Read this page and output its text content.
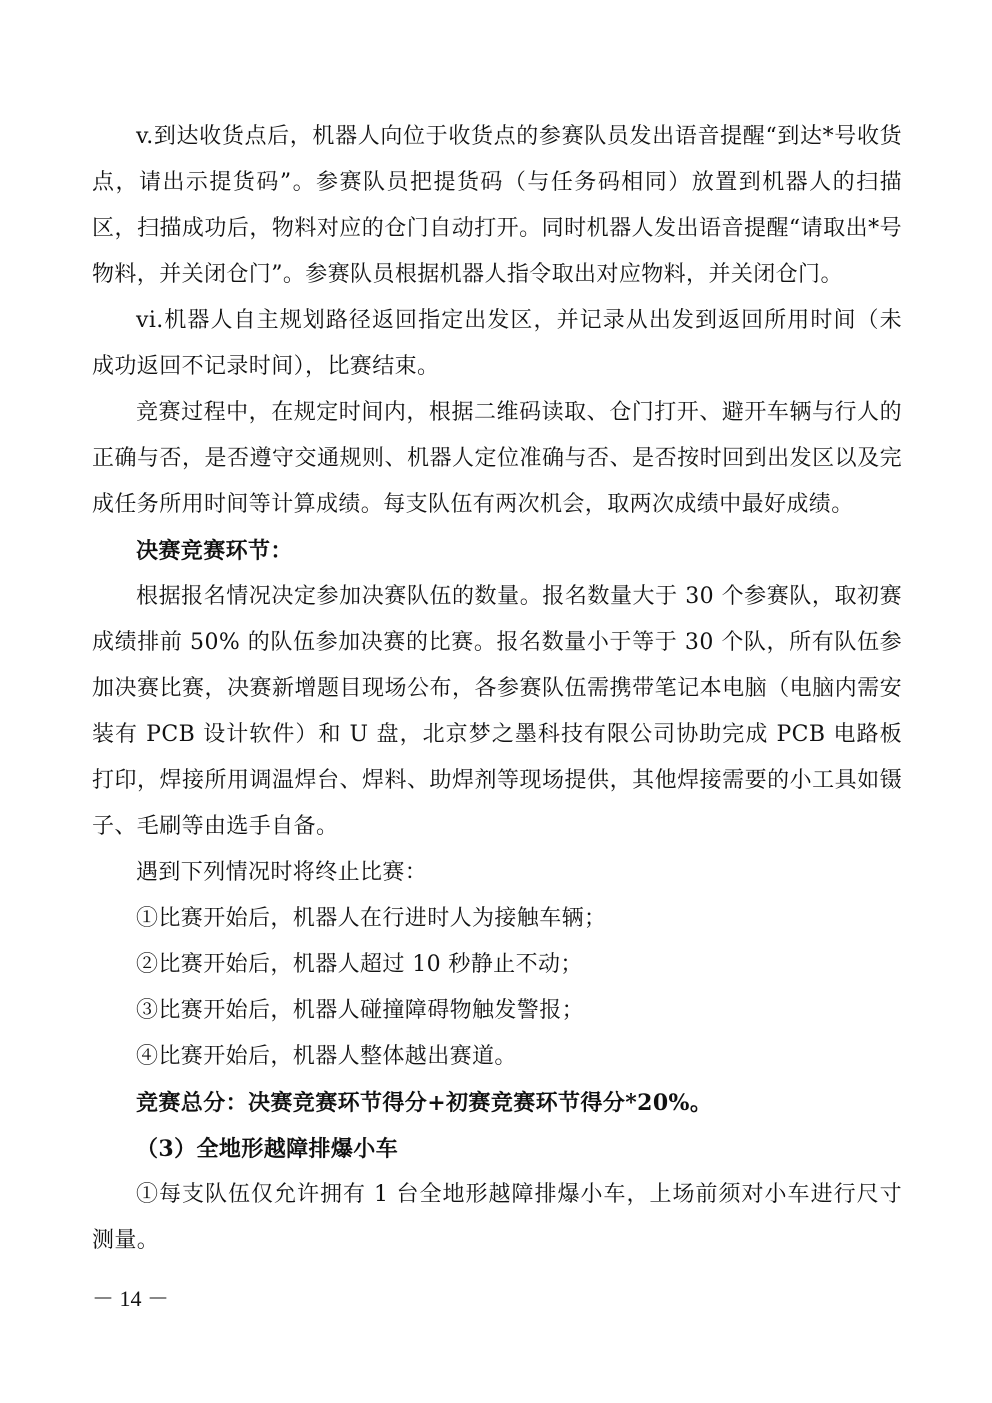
v.到达收货点后，机器人向位于收货点的参赛队员发出语音提醒“到达*号收货点，请出示提货码”。参赛队员把提货码（与任务码相同）放置到机器人的扫描区，扫描成功后，物料对应的仓门自动打开。同时机器人发出语音提醒“请取出*号物料，并关闭仓门”。参赛队员根据机器人指令取出对应物料，并关闭仓门。

vi.机器人自主规划路径返回指定出发区，并记录从出发到返回所用时间（未成功返回不记录时间），比赛结束。

竞赛过程中，在规定时间内，根据二维码读取、仓门打开、避开车辆与行人的正确与否，是否遵守交通规则、机器人定位准确与否、是否按时回到出发区以及完成任务所用时间等计算成绩。每支队伍有两次机会，取两次成绩中最好成绩。

决赛竞赛环节：

根据报名情况决定参加决赛队伍的数量。报名数量大于 30 个参赛队，取初赛成绩排前 50% 的队伍参加决赛的比赛。报名数量小于等于 30 个队，所有队伍参加决赛比赛，决赛新增题目现场公布，各参赛队伍需携带笔记本电脑（电脑内需安装有 PCB 设计软件）和 U 盘，北京梦之墨科技有限公司协助完成 PCB 电路板打印，焊接所用调温焊台、焊料、助焊剂等现场提供，其他焊接需要的小工具如镊子、毛刷等由选手自备。

遇到下列情况时将终止比赛：

①比赛开始后，机器人在行进时人为接触车辆；

②比赛开始后，机器人超过 10 秒静止不动；

③比赛开始后，机器人碰撞障碍物触发警报；

④比赛开始后，机器人整体越出赛道。

竞赛总分：决赛竞赛环节得分+初赛竞赛环节得分*20%。

（3）全地形越障排爆小车

①每支队伍仅允许拥有 1 台全地形越障排爆小车，上场前须对小车进行尺寸测量。

－ 14 －
